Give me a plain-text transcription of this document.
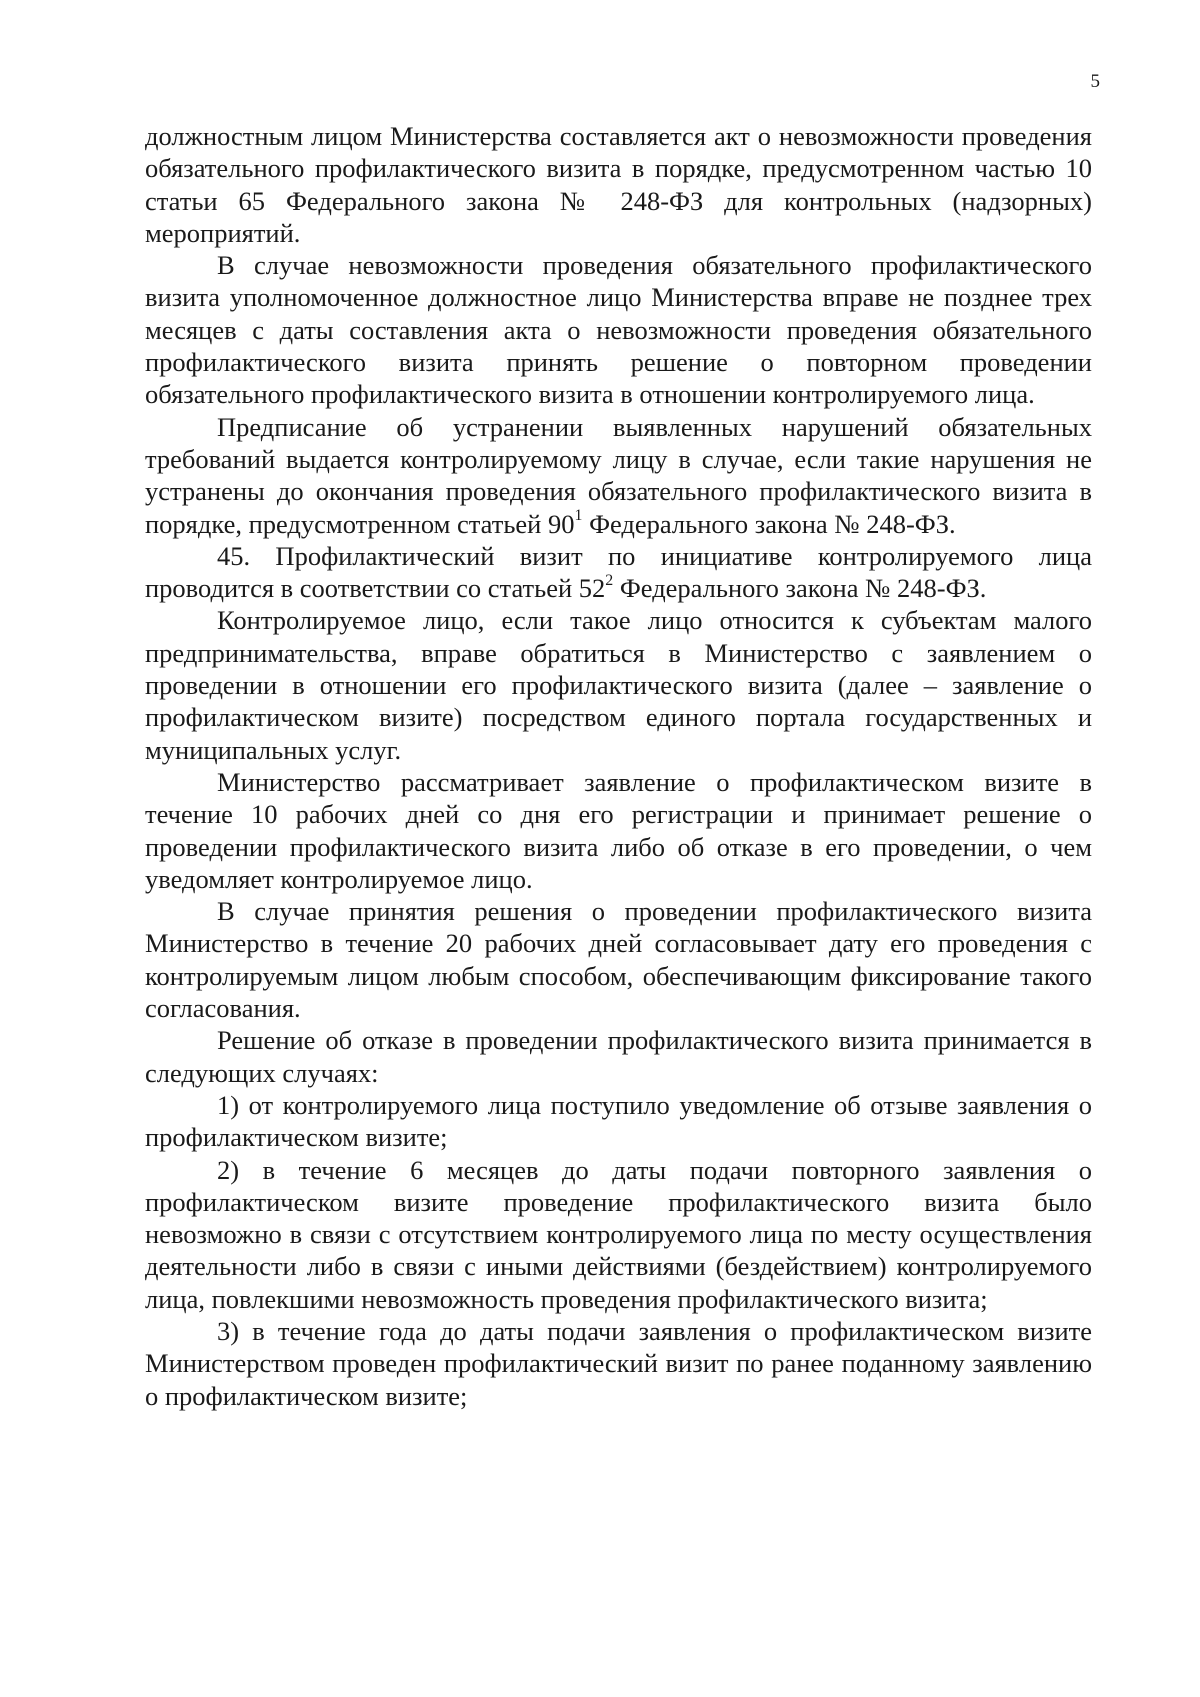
5

должностным лицом Министерства составляется акт о невозможности проведения обязательного профилактического визита в порядке, предусмотренном частью 10 статьи 65 Федерального закона № 248-ФЗ для контрольных (надзорных) мероприятий.

В случае невозможности проведения обязательного профилактического визита уполномоченное должностное лицо Министерства вправе не позднее трех месяцев с даты составления акта о невозможности проведения обязательного профилактического визита принять решение о повторном проведении обязательного профилактического визита в отношении контролируемого лица.

Предписание об устранении выявленных нарушений обязательных требований выдается контролируемому лицу в случае, если такие нарушения не устранены до окончания проведения обязательного профилактического визита в порядке, предусмотренном статьей $90^1$ Федерального закона № 248-ФЗ.

45. Профилактический визит по инициативе контролируемого лица проводится в соответствии со статьей $52^2$ Федерального закона № 248-ФЗ.

Контролируемое лицо, если такое лицо относится к субъектам малого предпринимательства, вправе обратиться в Министерство с заявлением о проведении в отношении его профилактического визита (далее – заявление о профилактическом визите) посредством единого портала государственных и муниципальных услуг.

Министерство рассматривает заявление о профилактическом визите в течение 10 рабочих дней со дня его регистрации и принимает решение о проведении профилактического визита либо об отказе в его проведении, о чем уведомляет контролируемое лицо.

В случае принятия решения о проведении профилактического визита Министерство в течение 20 рабочих дней согласовывает дату его проведения с контролируемым лицом любым способом, обеспечивающим фиксирование такого согласования.

Решение об отказе в проведении профилактического визита принимается в следующих случаях:

1) от контролируемого лица поступило уведомление об отзыве заявления о профилактическом визите;

2) в течение 6 месяцев до даты подачи повторного заявления о профилактическом визите проведение профилактического визита было невозможно в связи с отсутствием контролируемого лица по месту осуществления деятельности либо в связи с иными действиями (бездействием) контролируемого лица, повлекшими невозможность проведения профилактического визита;

3) в течение года до даты подачи заявления о профилактическом визите Министерством проведен профилактический визит по ранее поданному заявлению о профилактическом визите;
